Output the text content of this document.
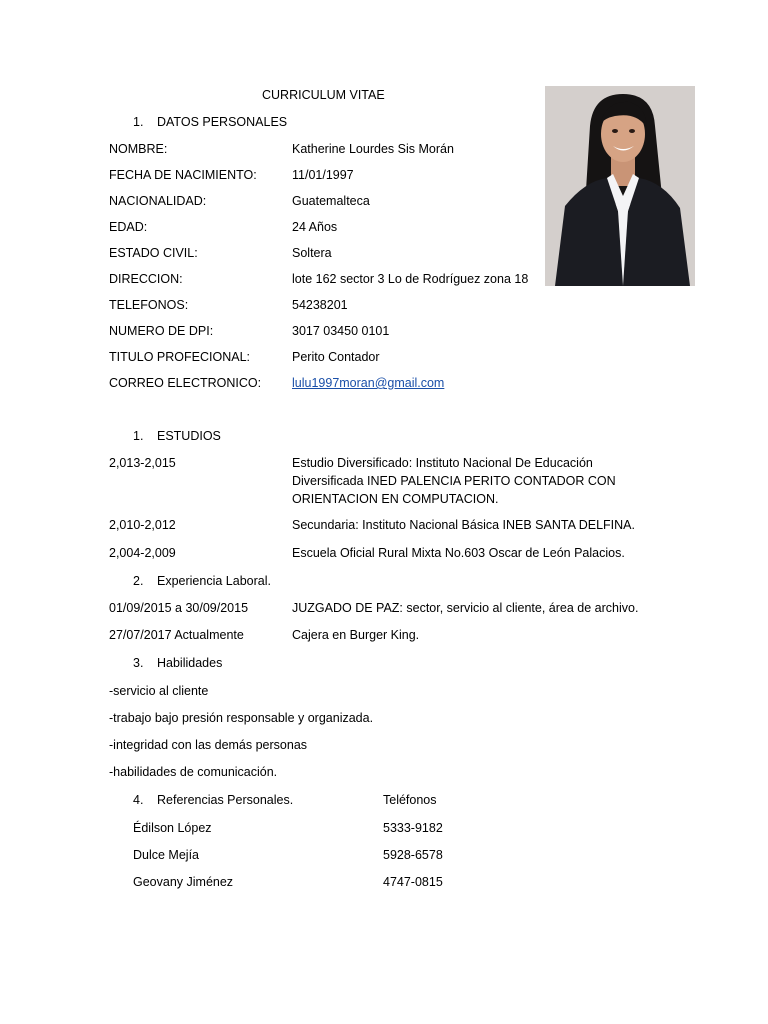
CURRICULUM VITAE
1. DATOS PERSONALES
NOMBRE:	Katherine Lourdes Sis Morán
FECHA DE NACIMIENTO:	11/01/1997
NACIONALIDAD:	Guatemalteca
EDAD:	24 Años
ESTADO CIVIL:	Soltera
DIRECCION:	lote 162 sector 3 Lo de Rodríguez zona 18
TELEFONOS:	54238201
NUMERO DE DPI:	3017 03450 0101
TITULO PROFECIONAL:	Perito Contador
CORREO ELECTRONICO: lulu1997moran@gmail.com
1. ESTUDIOS
2,013-2,015	Estudio Diversificado: Instituto Nacional De Educación
Diversificada INED PALENCIA PERITO CONTADOR CON
ORIENTACION EN COMPUTACION.
2,010-2,012	Secundaria: Instituto Nacional Básica INEB SANTA DELFINA.
2,004-2,009	Escuela Oficial Rural Mixta No.603 Oscar de León Palacios.
2. Experiencia Laboral.
01/09/2015 a 30/09/2015	JUZGADO DE PAZ: sector, servicio al cliente, área de archivo.
27/07/2017 Actualmente	Cajera en Burger King.
3. Habilidades
-servicio al cliente
-trabajo bajo presión responsable y organizada.
-integridad con las demás personas
-habilidades de comunicación.
4. Referencias Personales.	Teléfonos
Édilson López	5333-9182
Dulce Mejía	5928-6578
Geovany Jiménez	4747-0815
